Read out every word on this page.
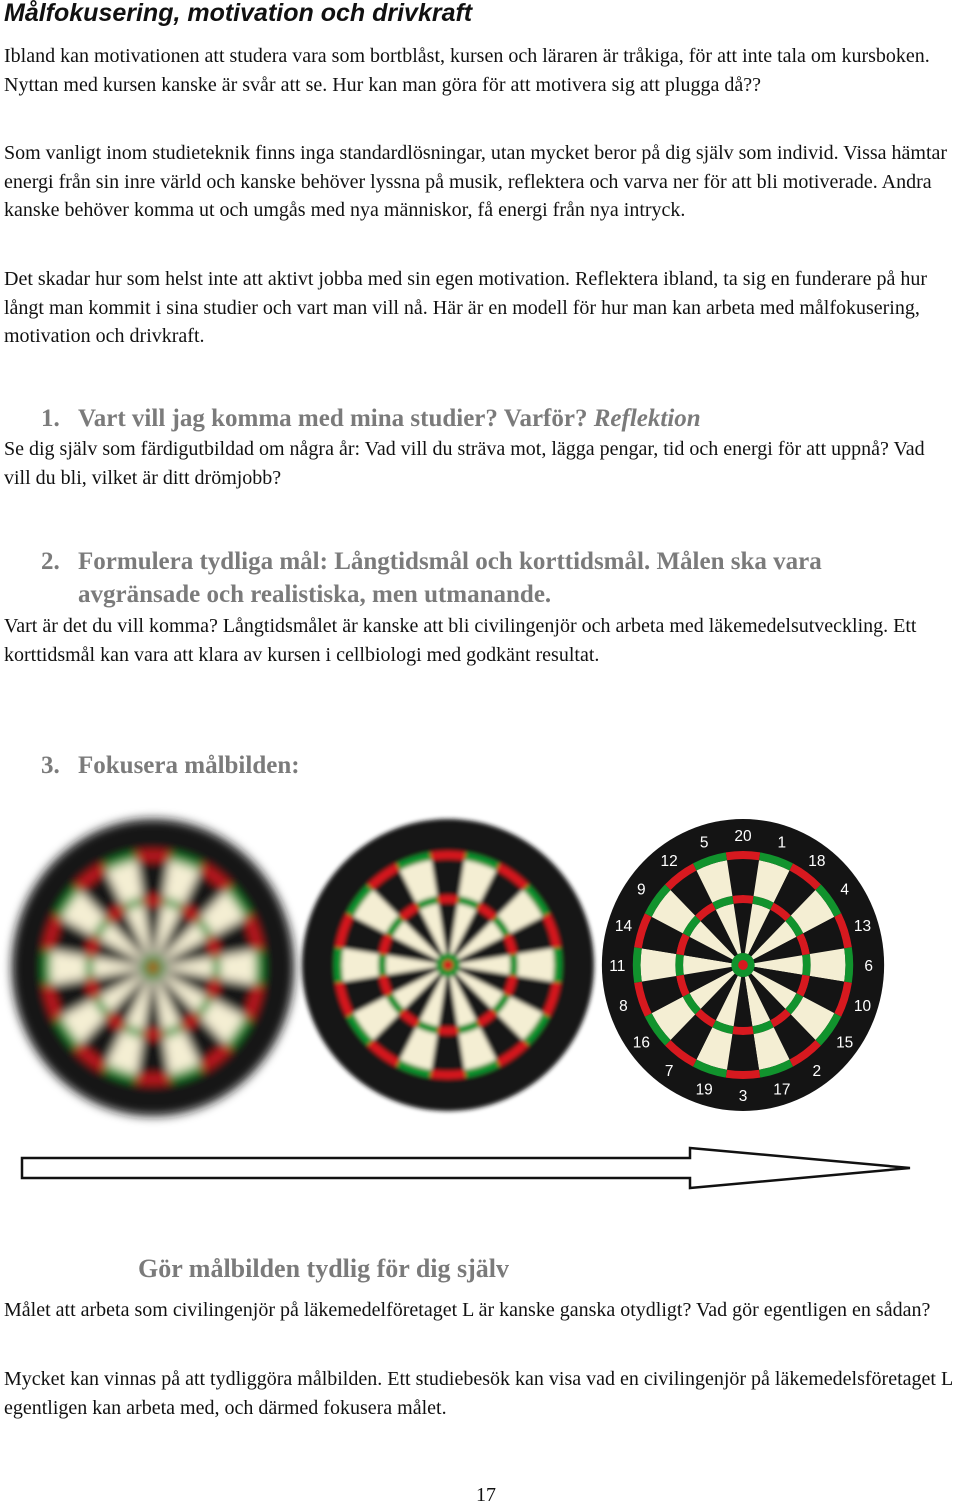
Målfokusering, motivation och drivkraft

Ibland kan motivationen att studera vara som bortblåst, kursen och läraren är tråkiga, för att inte tala om kursboken. Nyttan med kursen kanske är svår att se. Hur kan man göra för att motivera sig att plugga då??

Som vanligt inom studieteknik finns inga standardlösningar, utan mycket beror på dig själv som individ. Vissa hämtar energi från sin inre värld och kanske behöver lyssna på musik, reflektera och varva ner för att bli motiverade. Andra kanske behöver komma ut och umgås med nya människor, få energi från nya intryck.

Det skadar hur som helst inte att aktivt jobba med sin egen motivation. Reflektera ibland, ta sig en funderare på hur långt man kommit i sina studier och vart man vill nå. Här är en modell för hur man kan arbeta med målfokusering, motivation och drivkraft.

1. Vart vill jag komma med mina studier? Varför? Reflektion

Se dig själv som färdigutbildad om några år: Vad vill du sträva mot, lägga pengar, tid och energi för att uppnå? Vad vill du bli, vilket är ditt drömjobb?

2. Formulera tydliga mål: Långtidsmål och korttidsmål. Målen ska vara avgränsade och realistiska, men utmanande.

Vart är det du vill komma? Långtidsmålet är kanske att bli civilingenjör och arbeta med läkemedelsutveckling. Ett korttidsmål kan vara att klara av kursen i cellbiologi med godkänt resultat.

3. Fokusera målbilden:
20 1
18
4
13
6
10
15
2
17
3
19
7
16
8
11
14
9
12
5
Gör målbilden tydlig för dig själv

Målet att arbeta som civilingenjör på läkemedelföretaget L är kanske ganska otydligt? Vad gör egentligen en sådan?

Mycket kan vinnas på att tydliggöra målbilden. Ett studiebesök kan visa vad en civilingenjör på läkemedelsföretaget L egentligen kan arbeta med, och därmed fokusera målet.

17
